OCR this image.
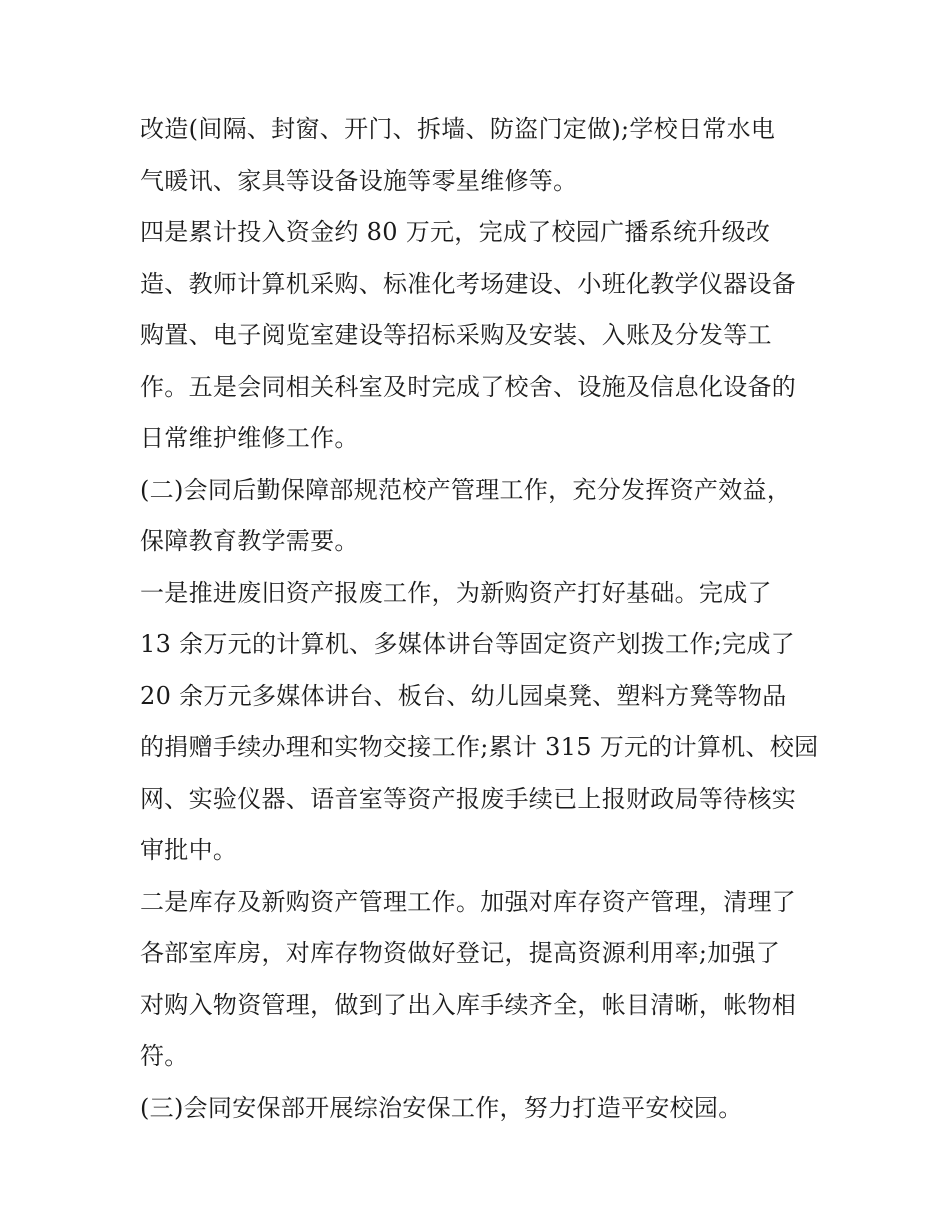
改造(间隔、封窗、开门、拆墙、防盗门定做);学校日常水电
气暖讯、家具等设备设施等零星维修等。
四是累计投入资金约 80 万元，完成了校园广播系统升级改
造、教师计算机采购、标准化考场建设、小班化教学仪器设备
购置、电子阅览室建设等招标采购及安装、入账及分发等工
作。五是会同相关科室及时完成了校舍、设施及信息化设备的
日常维护维修工作。
(二)会同后勤保障部规范校产管理工作，充分发挥资产效益，
保障教育教学需要。
一是推进废旧资产报废工作，为新购资产打好基础。完成了
13 余万元的计算机、多媒体讲台等固定资产划拨工作;完成了
20 余万元多媒体讲台、板台、幼儿园桌凳、塑料方凳等物品
的捐赠手续办理和实物交接工作;累计 315 万元的计算机、校园
网、实验仪器、语音室等资产报废手续已上报财政局等待核实
审批中。
二是库存及新购资产管理工作。加强对库存资产管理，清理了
各部室库房，对库存物资做好登记，提高资源利用率;加强了
对购入物资管理，做到了出入库手续齐全，帐目清晰，帐物相
符。
(三)会同安保部开展综治安保工作，努力打造平安校园。
